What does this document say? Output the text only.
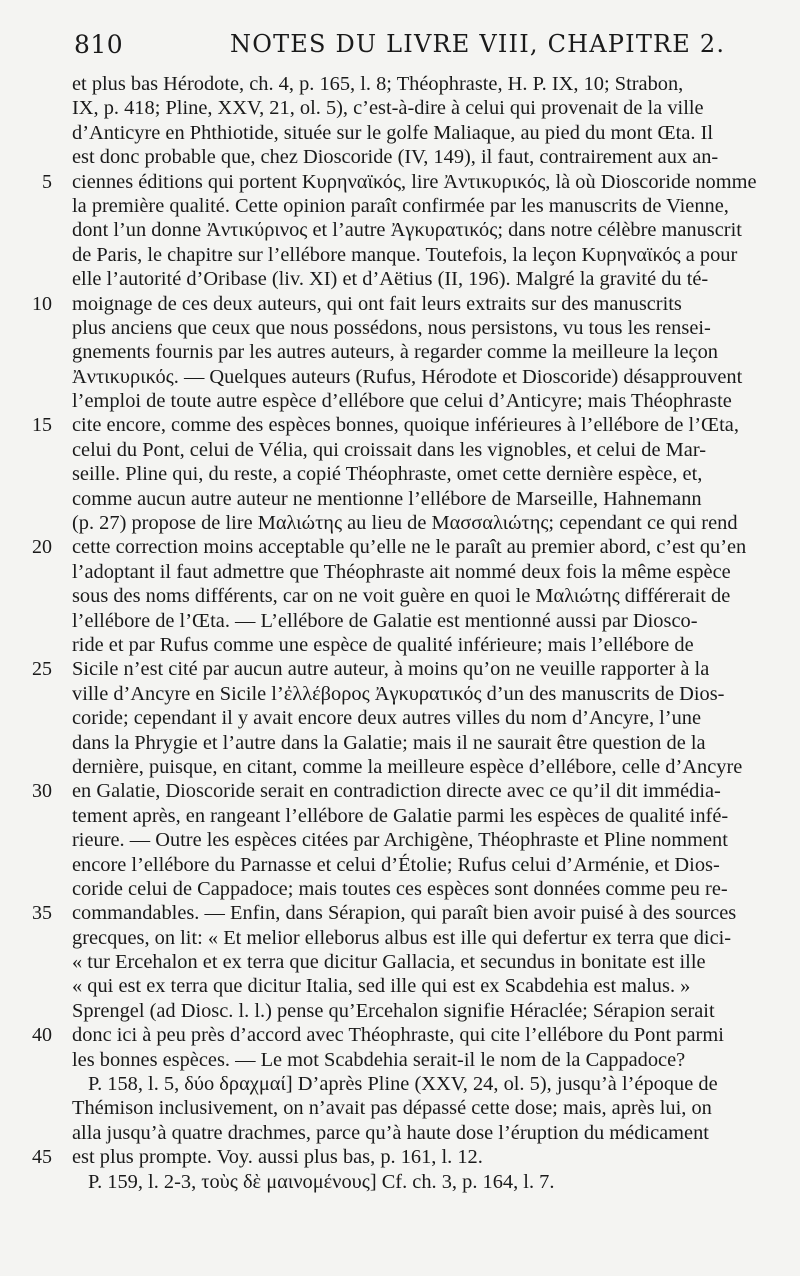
810	NOTES DU LIVRE VIII, CHAPITRE 2.
et plus bas Hérodote, ch. 4, p. 165, l. 8; Théophraste, H. P. IX, 10; Strabon,
IX, p. 418; Pline, XXV, 21, ol. 5), c’est-à-dire à celui qui provenait de la ville
d’Anticyre en Phthiotide, située sur le golfe Maliaque, au pied du mont Œta. Il
est donc probable que, chez Dioscoride (IV, 149), il faut, contrairement aux an-
5 ciennes éditions qui portent Κυρηναϊκός, lire Ἀντικυρικός, là où Dioscoride nomme
la première qualité. Cette opinion paraît confirmée par les manuscrits de Vienne,
dont l’un donne Ἀντικύρινος et l’autre Ἀγκυρατικός; dans notre célèbre manuscrit
de Paris, le chapitre sur l’ellébore manque. Toutefois, la leçon Κυρηναϊκός a pour
elle l’autorité d’Oribase (liv. XI) et d’Aëtius (II, 196). Malgré la gravité du té-
10 moignage de ces deux auteurs, qui ont fait leurs extraits sur des manuscrits
plus anciens que ceux que nous possédons, nous persistons, vu tous les rensei-
gnements fournis par les autres auteurs, à regarder comme la meilleure la leçon
Ἀντικυρικός. — Quelques auteurs (Rufus, Hérodote et Dioscoride) désapprouvent
l’emploi de toute autre espèce d’ellébore que celui d’Anticyre; mais Théophraste
15 cite encore, comme des espèces bonnes, quoique inférieures à l’ellébore de l’Œta,
celui du Pont, celui de Vélia, qui croissait dans les vignobles, et celui de Mar-
seille. Pline qui, du reste, a copié Théophraste, omet cette dernière espèce, et,
comme aucun autre auteur ne mentionne l’ellébore de Marseille, Hahnemann
(p. 27) propose de lire Μαλιώτης au lieu de Μασσαλιώτης; cependant ce qui rend
20 cette correction moins acceptable qu’elle ne le paraît au premier abord, c’est qu’en
l’adoptant il faut admettre que Théophraste ait nommé deux fois la même espèce
sous des noms différents, car on ne voit guère en quoi le Μαλιώτης différerait de
l’ellébore de l’Œta. — L’ellébore de Galatie est mentionné aussi par Diosco-
ride et par Rufus comme une espèce de qualité inférieure; mais l’ellébore de
25 Sicile n’est cité par aucun autre auteur, à moins qu’on ne veuille rapporter à la
ville d’Ancyre en Sicile l’ἐλλέβορος Ἀγκυρατικός d’un des manuscrits de Dios-
coride; cependant il y avait encore deux autres villes du nom d’Ancyre, l’une
dans la Phrygie et l’autre dans la Galatie; mais il ne saurait être question de la
dernière, puisque, en citant, comme la meilleure espèce d’ellébore, celle d’Ancyre
30 en Galatie, Dioscoride serait en contradiction directe avec ce qu’il dit immédia-
tement après, en rangeant l’ellébore de Galatie parmi les espèces de qualité infé-
rieure. — Outre les espèces citées par Archigène, Théophraste et Pline nomment
encore l’ellébore du Parnasse et celui d’Étolie; Rufus celui d’Arménie, et Dios-
coride celui de Cappadoce; mais toutes ces espèces sont données comme peu re-
35 commandables. — Enfin, dans Sérapion, qui paraît bien avoir puisé à des sources
grecques, on lit: « Et melior elleborus albus est ille qui defertur ex terra que dici-
« tur Ercehalon et ex terra que dicitur Gallacia, et secundus in bonitate est ille
« qui est ex terra que dicitur Italia, sed ille qui est ex Scabdehia est malus. »
Sprengel (ad Diosc. l. l.) pense qu’Ercehalon signifie Héraclée; Sérapion serait
40 donc ici à peu près d’accord avec Théophraste, qui cite l’ellébore du Pont parmi
les bonnes espèces. — Le mot Scabdehia serait-il le nom de la Cappadoce?
P. 158, l. 5, δύο δραχμαί] D’après Pline (XXV, 24, ol. 5), jusqu’à l’époque de
Thémison inclusivement, on n’avait pas dépassé cette dose; mais, après lui, on
alla jusqu’à quatre drachmes, parce qu’à haute dose l’éruption du médicament
45 est plus prompte. Voy. aussi plus bas, p. 161, l. 12.
P. 159, l. 2-3, τοὺς δὲ μαινομένους] Cf. ch. 3, p. 164, l. 7.
